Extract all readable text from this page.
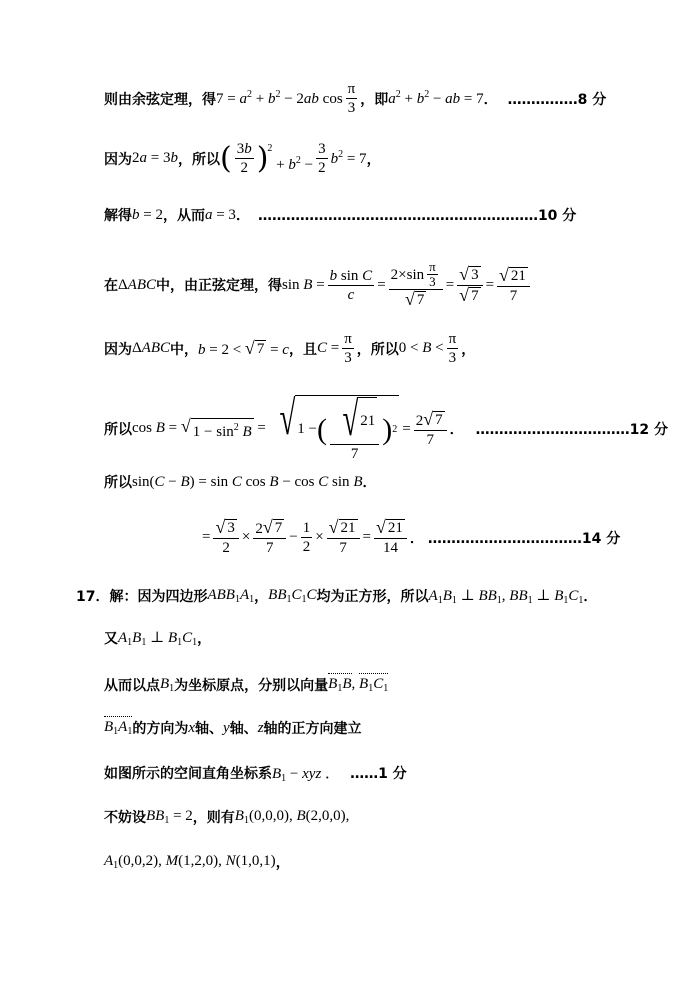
则由余弦定理，得 $7 = a^2 + b^2 - 2ab$ $\cos \frac{\pi}{3}$ ，即 $a^2 + b^2$ − ab = 7 ． ……………8 分
因为 2a = 3b ，所以 ( $\frac{3b}{2}$ ) $^2 + b^2 - \frac{3}{2} b^2 = 7$ ，
解得 b = 2 ，从而 a = 3 ． ……………………………………………………10 分
在 ΔABC 中，由正弦定理，得 $\sin B = \frac{\text{b sin C}}{c} = \frac{2\times\sin \frac{\pi}{3}}{√ 7} = \frac{√ 3}{√ 7} = \frac{√ 21}{7}$
因为 ΔABC 中， b = 2 < √ 7 = c ，且 $C = \frac{\pi}{3}$ ，所以 $0 < B < \frac{\pi}{3}$ ，
所以 cos B = √ $1 - \sin^2 B$ = √ 1 − ( $\frac{√ 21}{7}$ ) $2 = \frac{2 √ 7}{7}$ ． ……………………………12 分
所以 sin(C − B) = sin C cos B − cos C sin B ．
= $\frac{√ 3}{2} \times \frac{2 √ 7}{7} - \frac{1}{2} \times \frac{√ 21}{7} = \frac{√ 21}{14}$ ． ……………………………14 分
17． 解：因为四边形 $ABB_1A_1$ ， $BB_1C_1C$ 均为正方形，所以 $A_1B_1$ ⊥ $BB_1$, $BB_1$ ⊥ $B_1C_1$ ．
又 $A_1B_1$ ⊥ $B_1C_1$ ，
从而以点 $B_1$ 为坐标原点，分别以向量 $B_1B$, $B_1C_1$
$B_1A_1$ 的方向为 x 轴、 y 轴、 z 轴的正方向建立
如图所示的空间直角坐标系 $B_1$ − xyz ． ……1 分
不妨设 $BB_1 = 2$ ，则有 $B_1(0,0,0)$, B(2,0,0),
$A_1(0,0,2)$, M(1,2,0), N(1,0,1) ，
